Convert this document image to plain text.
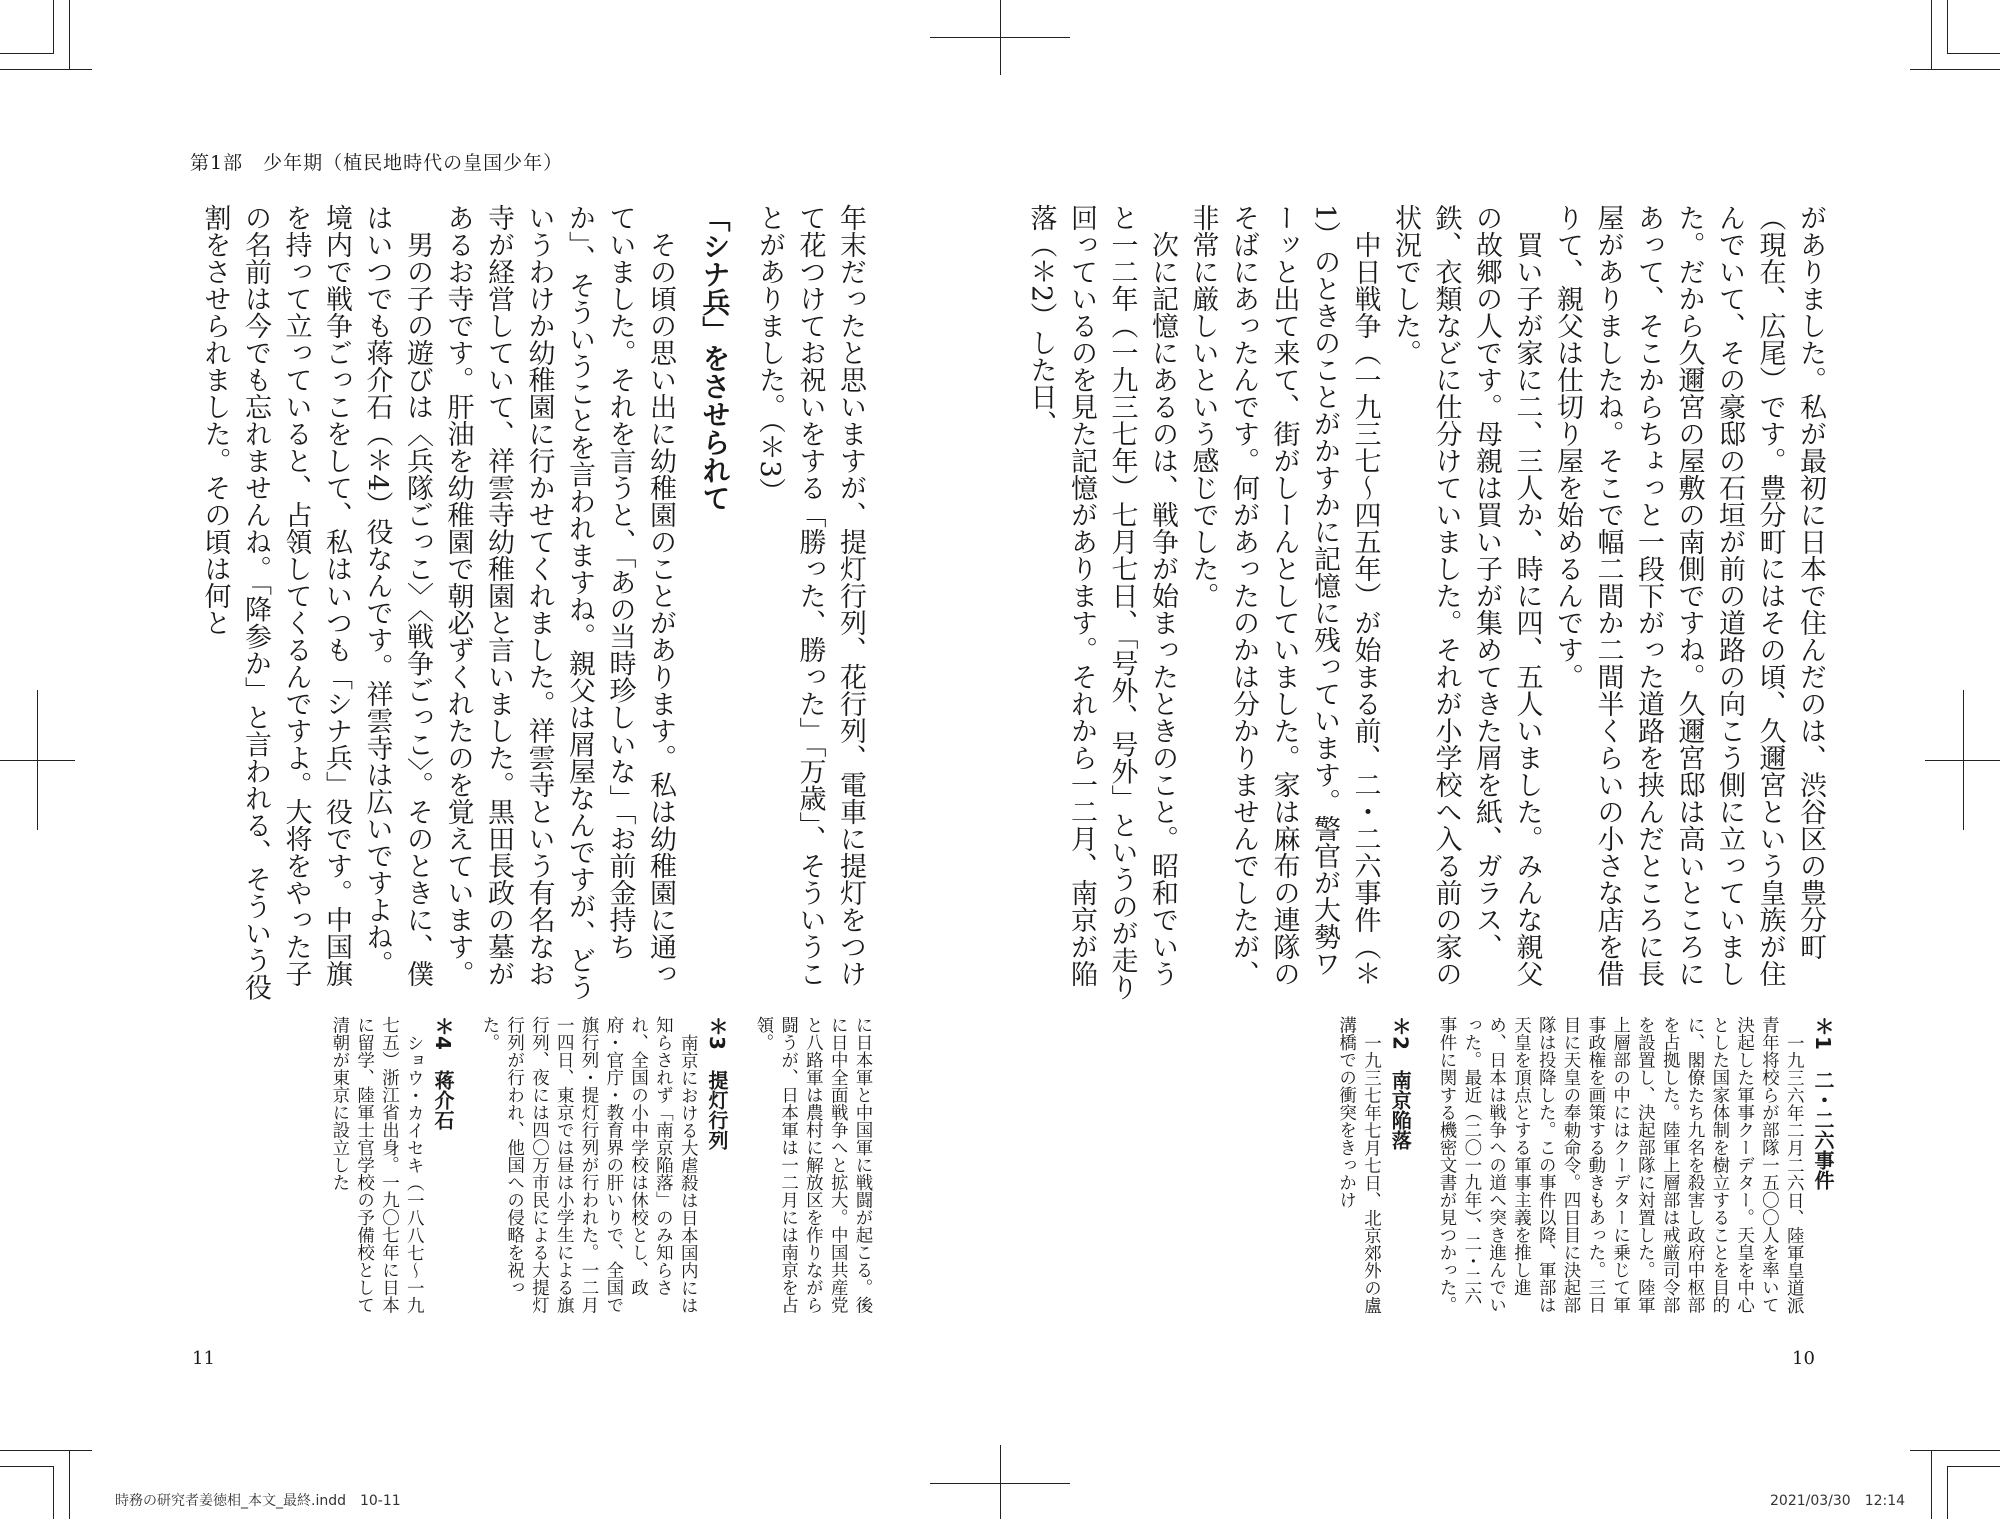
第1部　少年期（植民地時代の皇国少年）

がありました。私が最初に日本で住んだのは、渋谷区の豊分町（現在、広尾）です。豊分町にはその頃、久邇宮という皇族が住んでいて、その豪邸の石垣が前の道路の向こう側に立っていました。だから久邇宮の屋敷の南側ですね。久邇宮邸は高いところにあって、そこからちょっと一段下がった道路を挟んだところに長屋がありましたね。そこで幅二間か二間半くらいの小さな店を借りて、親父は仕切り屋を始めるんです。

買い子が家に二、三人か、時に四、五人いました。みんな親父の故郷の人です。母親は買い子が集めてきた屑を紙、ガラス、鉄、衣類などに仕分けていました。それが小学校へ入る前の家の状況でした。

中日戦争（一九三七〜四五年）が始まる前、二・二六事件（＊1）のときのことがかすかに記憶に残っています。警官が大勢ワーッと出て来て、街がしーんとしていました。家は麻布の連隊のそばにあったんです。何があったのかは分かりませんでしたが、非常に厳しいという感じでした。

次に記憶にあるのは、戦争が始まったときのこと。昭和でいうと一二年（一九三七年）七月七日、「号外、号外」というのが走り回っているのを見た記憶があります。それから一二月、南京が陥落（＊2）した日、

＊1　二・二六事件

一九三六年二月二六日、陸軍皇道派青年将校らが部隊一五〇〇人を率いて決起した軍事クーデター。天皇を中心とした国家体制を樹立することを目的に、閣僚たち九名を殺害し政府中枢部を占拠した。陸軍上層部は戒厳司令部を設置し、決起部隊に対置した。陸軍上層部の中にはクーデターに乗じて軍事政権を画策する動きもあった。三日目に天皇の奉勅命令。四日目に決起部隊は投降した。この事件以降、軍部は天皇を頂点とする軍事主義を推し進め、日本は戦争への道へ突き進んでいった。最近（二〇一九年）、二・二六事件に関する機密文書が見つかった。

＊2　南京陥落

一九三七年七月七日、北京郊外の盧溝橋での衝突をきっかけ

年末だったと思いますが、提灯行列、花行列、電車に提灯をつけて花つけてお祝いをする「勝った、勝った」「万歳」、そういうことがありました。（＊3）

「シナ兵」をさせられて

その頃の思い出に幼稚園のことがあります。私は幼稚園に通っていました。それを言うと、「あの当時珍しいな」「お前金持ちか」、そういうことを言われますね。親父は屑屋なんですが、どういうわけか幼稚園に行かせてくれました。祥雲寺という有名なお寺が経営していて、祥雲寺幼稚園と言いました。黒田長政の墓があるお寺です。肝油を幼稚園で朝必ずくれたのを覚えています。

男の子の遊びは〈兵隊ごっこ〉〈戦争ごっこ〉。そのときに、僕はいつでも蒋介石（＊4）役なんです。祥雲寺は広いですよね。境内で戦争ごっこをして、私はいつも「シナ兵」役です。中国旗を持って立っていると、占領してくるんですよ。大将をやった子の名前は今でも忘れませんね。「降参か」と言われる、そういう役割をさせられました。その頃は何と

に日本軍と中国軍に戦闘が起こる。後に日中全面戦争へと拡大。中国共産党と八路軍は農村に解放区を作りながら闘うが、日本軍は一二月には南京を占領。

＊3　提灯行列

南京における大虐殺は日本国内には知らされず「南京陥落」のみ知らされ、全国の小中学校は休校とし、政府・官庁・教育界の肝いりで、全国で旗行列・提灯行列が行われた。一二月一四日、東京では昼は小学生による旗行列、夜には四〇万市民による大提灯行列が行われ、他国への侵略を祝った。

＊4　蒋介石

ショウ・カイセキ（一八八七〜一九七五）浙江省出身。一九〇七年に日本に留学、陸軍士官学校の予備校として清朝が東京に設立した

11	10
時務の研究者姜徳相_本文_最終.indd　10-11	2021/03/30　12:14
